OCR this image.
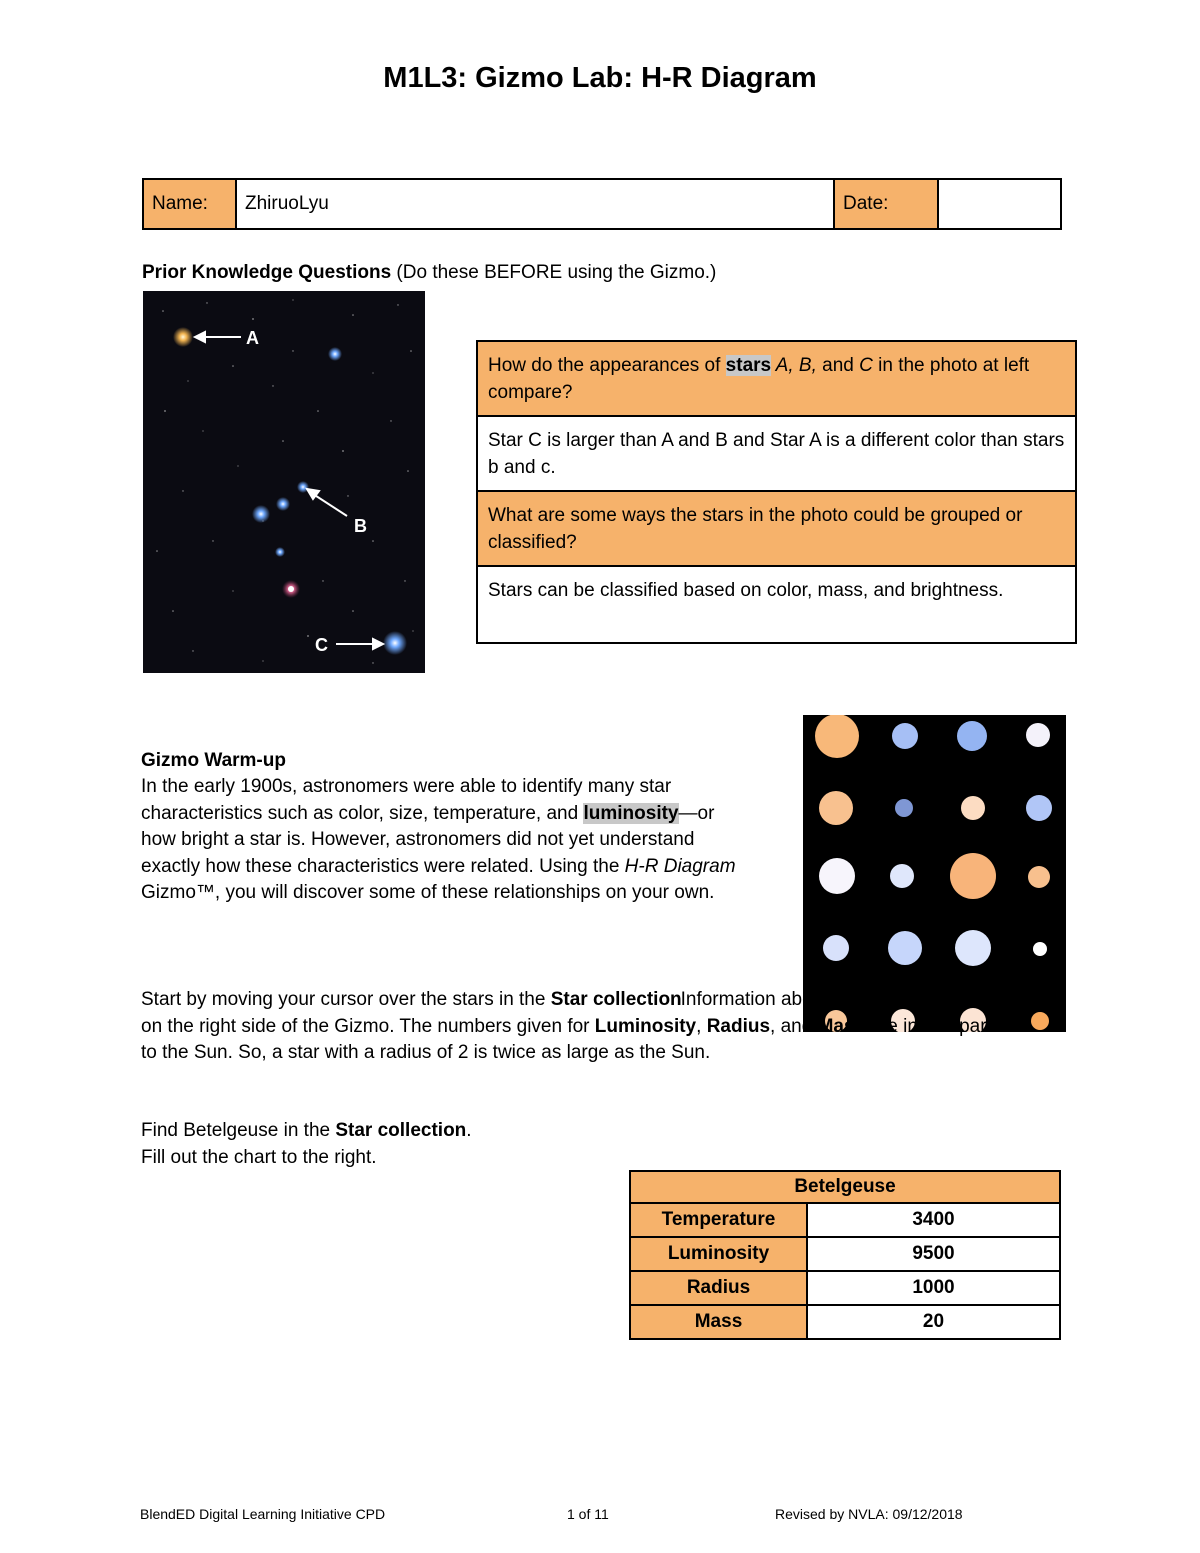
M1L3: Gizmo Lab: H-R Diagram
Name:	ZhiruoLyu	Date:	
Prior Knowledge Questions (Do these BEFORE using the Gizmo.)
A
B
C
How do the appearances of stars A, B, and C in the photo at left compare?
Star C is larger than A and B and Star A is a different color than stars b and c.
What are some ways the stars in the photo could be grouped or classified?
Stars can be classified based on color, mass, and brightness.
Gizmo Warm-up
In the early 1900s, astronomers were able to identify many star characteristics such as color, size, temperature, and luminosity—or how bright a star is. However, astronomers did not yet understand exactly how these characteristics were related. Using the H-R Diagram Gizmo™, you will discover some of these relationships on your own.
Start by moving your cursor over the stars in the Star collection
. Information about each star is displayed on the right side of the Gizmo. The numbers given for Luminosity, Radius, and Mass are in comparison to the Sun. So, a star with a radius of 2 is twice as large as the Sun.
Find Betelgeuse in the Star collection.
Fill out the chart to the right.
Betelgeuse	
Temperature	3400
Luminosity	9500
Radius	1000
Mass	20
BlendED Digital Learning Initiative CPD	1 of 11	Revised by NVLA: 09/12/2018
